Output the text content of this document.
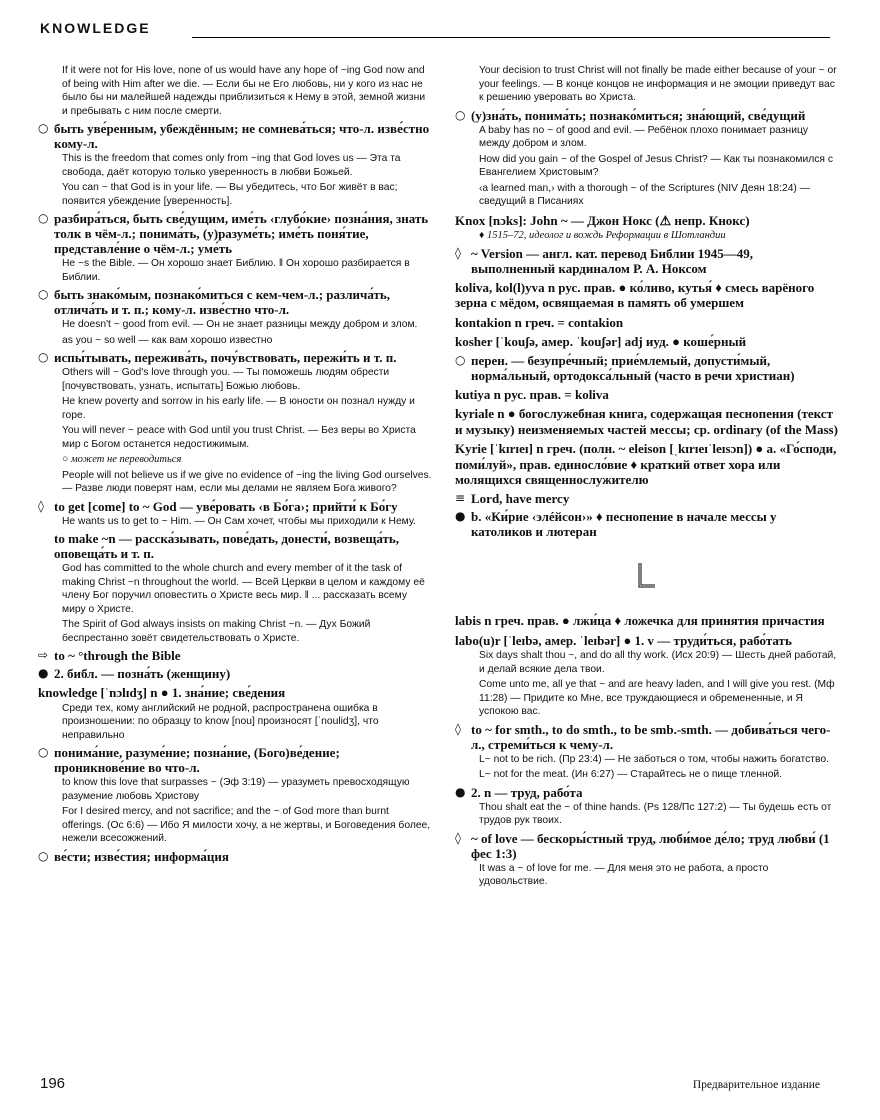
KNOWLEDGE
If it were not for His love, none of us would have any hope of ~ing God now and of being with Him after we die. — Если бы не Его любовь, ни у кого из нас не было бы ни малейшей надежды приблизиться к Нему в этой, земной жизни и пребывать с ним после смерти.
○ быть уве́ренным, убеждённым; не сомнева́ться; что-л. изве́стно кому-л.
This is the freedom that comes only from ~ing that God loves us — Эта та свобода, даёт которую только уверенность в любви Божьей.
You can ~ that God is in your life. — Вы убедитесь, что Бог живёт в вас; появится убеждение [уверенность].
○ разбира́ться, быть све́дущим, име́ть ‹глубо́кие› позна́ния, знать толк в чём-л.; понима́ть, (у)разуме́ть; име́ть поня́тие, представле́ние о чём-л.; уме́ть
He ~s the Bible. — Он хорошо знает Библию. ‖ Он хорошо разбирается в Библии.
○ быть знако́мым, познако́миться с кем-чем-л.; различа́ть, отлича́ть и т. п.; кому-л. изве́стно что-л.
He doesn't ~ good from evil. — Он не знает разницы между добром и злом.
as you ~ so well — как вам хорошо известно
○ испы́тывать, пережива́ть, почу́вствовать, пережи́ть и т. п.
Others will ~ God's love through you. — Ты поможешь людям обрести [почувствовать, узнать, испытать] Божью любовь.
He knew poverty and sorrow in his early life. — В юности он познал нужду и горе.
You will never ~ peace with God until you trust Christ. — Без веры во Христа мир с Богом останется недостижимым.
○ может не переводиться
People will not believe us if we give no evidence of ~ing the living God ourselves. — Разве люди поверят нам, если мы делами не являем Бога живого?
◊ to get [come] to ~ God — уве́ровать ‹в Бо́га›; прийти́ к Бо́гу
He wants us to get to ~ Him. — Он Сам хочет, чтобы мы приходили к Нему.
to make ~n — расска́зывать, пове́дать, донести́, возвеща́ть, оповеща́ть и т. п.
God has committed to the whole church and every member of it the task of making Christ ~n throughout the world. — Всей Церкви в целом и каждому её члену Бог поручил оповестить о Христе весь мир. ‖ ... рассказать всему миру о Христе.
The Spirit of God always insists on making Christ ~n. — Дух Божий беспрестанно зовёт свидетельствовать о Христе.
⇨ to ~ °through the Bible
● 2. библ. — позна́ть (женщину)
knowledge [ˈnɔlɪdʒ] n ● 1. зна́ние; све́дения
Среди тех, кому английский не родной, распространена ошибка в произношении: по образцу to know [nou] произносят [ˈnoulidʒ], что неправильно
○ понима́ние, разуме́ние; позна́ние, (Бого)ве́дение; проникнове́ние во что-л.
to know this love that surpasses ~ (Эф 3:19) — уразуметь превосходящую разумение любовь Христову
For I desired mercy, and not sacrifice; and the ~ of God more than burnt offerings. (Ос 6:6) — Ибо Я милости хочу, а не жертвы, и Боговедения более, нежели всесожжений.
○ ве́сти; изве́стия; информа́ция
Your decision to trust Christ will not finally be made either because of your ~ or your feelings. — В конце концов не информация и не эмоции приведут вас к решению уверовать во Христа.
○ (у)зна́ть, понима́ть; познако́миться; зна́ющий, све́дущий
A baby has no ~ of good and evil. — Ребёнок плохо понимает разницу между добром и злом.
How did you gain ~ of the Gospel of Jesus Christ? — Как ты познакомился с Евангелием Христовым?
‹a learned man,› with a thorough ~ of the Scriptures (NIV Деян 18:24) — сведущий в Писаниях
Knox [nɔks]: John ~ — Джон Нокс (⚠ непр. Кнокс)
♦ 1515–72, идеолог и вождь Реформации в Шотландии
◊ ~ Version — англ. кат. перевод Библии 1945—49, выполненный кардиналом Р. А. Ноксом
koliva, kol(l)yva n рус. прав. ● ко́ливо, кутья́ ♦ смесь варёного зерна с мёдом, освящаемая в память об умершем
kontakion n греч. = contakion
kosher [ˈkouʃə, амер. ˈkouʃər] adj иуд. ● коше́рный
○ перен. — безупре́чный; прие́млемый, допусти́мый, норма́льный, ортодокса́льный (часто в речи христиан)
kutiya n рус. прав. = koliva
kyriale n ● богослужебная книга, содержащая песнопения (текст и музыку) неизменяемых частей мессы; ср. ordinary (of the Mass)
Kyrie [ˈkɪrɪeɪ] n греч. (полн. ~ eleison [ˌkɪrɪeɪˈleɪsɔn]) ● a. «Го́споди, поми́луй», прав. единосло́вие ♦ краткий ответ хора или молящихся священнослужителю
≡ Lord, have mercy
● b. «Ки́рие ‹элéйсон›» ♦ песнопение в начале мессы у католиков и лютеран
L
labis n греч. прав. ● лжи́ца ♦ ложечка для принятия причастия
labo(u)r [ˈleɪbə, амер. ˈleɪbər] ● 1. v — труди́ться, рабо́тать
Six days shalt thou ~, and do all thy work. (Исх 20:9) — Шесть дней работай, и делай всякие дела твои.
Come unto me, all ye that ~ and are heavy laden, and I will give you rest. (Мф 11:28) — Придите ко Мне, все труждающиеся и обремененные, и Я успокою вас.
◊ to ~ for smth., to do smth., to be smb.-smth. — добива́ться чего-л., стреми́ться к чему-л.
L~ not to be rich. (Пр 23:4) — Не заботься о том, чтобы нажить богатство.
L~ not for the meat. (Ин 6:27) — Старайтесь не о пище тленной.
● 2. n — труд, рабо́та
Thou shalt eat the ~ of thine hands. (Ps 128/Пс 127:2) — Ты будешь есть от трудов рук твоих.
◊ ~ of love — бескоры́стный труд, люби́мое де́ло; труд любви́ (1 фес 1:3)
It was a ~ of love for me. — Для меня это не работа, а просто удовольствие.
196	Предварительное издание
